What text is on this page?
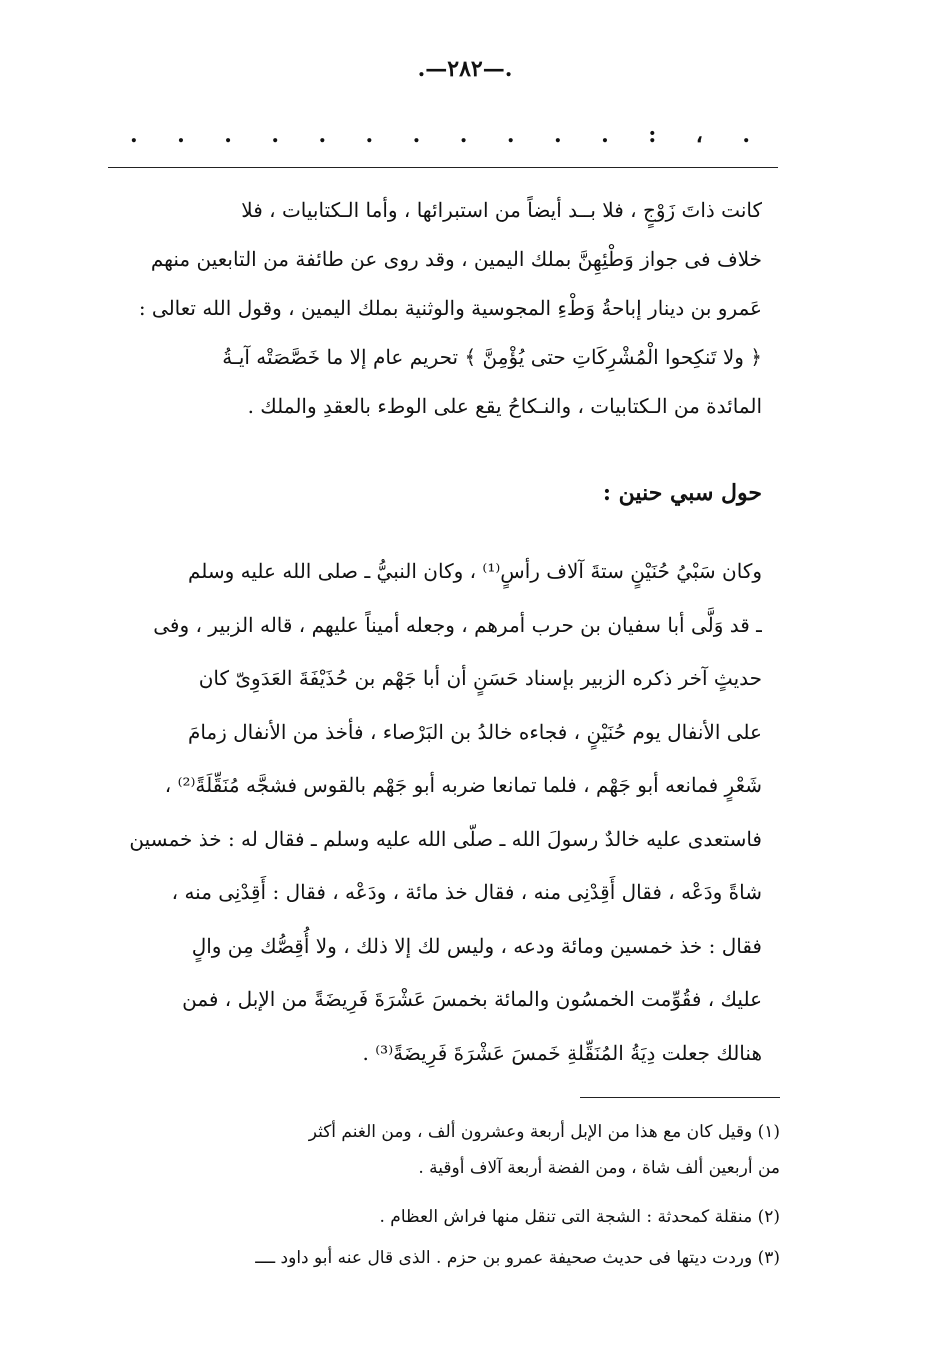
.—٢٨٢—.
. . . . . . . . . . . : ، .
كانت ذاتَ زَوْجٍ ، فلا بــد أيضاً من استبرائها ، وأما الـكتابيات ، فلا
خلاف فى جواز وَطْئِهِنَّ بملك اليمين ، وقد روى عن طائفة من التابعين منهم
عَمرو بن دينار إباحةُ وَطْءِ المجوسية والوثنية بملك اليمين ، وقول الله تعالى :
﴿ ولا تَنكِحوا الْمُشْرِكَاتِ حتى يُؤْمِنَّ ﴾ تحريم عام إلا ما خَصَّصَتْه آيـةُ
المائدة من الـكتابيات ، والنـكاحُ يقع على الوطء بالعقدِ والملك .
حول سبي حنين :
وكان سَبْيُ حُنَيْنٍ ستةَ آلاف رأسٍ⁽¹⁾ ، وكان النبيُّ ـ صلى الله عليه وسلم
ـ قد وَلَّى أبا سفيان بن حرب أمرهم ، وجعله أميناً عليهم ، قاله الزبير ، وفى
حديثٍ آخر ذكره الزبير بإسناد حَسَنٍ أن أبا جَهْم بن حُذَيْفَةَ العَدَوِىّ كان
على الأنفال يوم حُنَيْنٍ ، فجاءه خالدُ بن البَرْصاء ، فأخذ من الأنفال زمامَ
شَعْرٍ فمانعه أبو جَهْم ، فلما تمانعا ضربه أبو جَهْم بالقوس فشجَّه مُنَقِّلَةً⁽²⁾ ،
فاستعدى عليه خالدٌ رسولَ الله ـ صلّى الله عليه وسلم ـ فقال له : خذ خمسين
شاةً ودَعْه ، فقال أَقِدْنِى منه ، فقال خذ مائة ، ودَعْه ، فقال : أَقِدْنِى منه ،
فقال : خذ خمسين ومائة ودعه ، وليس لك إلا ذلك ، ولا أُقِصُّك مِن والٍ
عليك ، فقُوِّمت الخمسُون والمائة بخمسَ عَشْرَةَ فَرِيضَةً من الإبل ، فمن
هنالك جعلت دِيَةُ المُنَقِّلةِ خَمسَ عَشْرَةَ فَرِيضَةً⁽³⁾ .
(١) وقيل كان مع هذا من الإبل أربعة وعشرون ألف ، ومن الغنم أكثر
من أربعين ألف شاة ، ومن الفضة أربعة آلاف أوقية .
(٢) منقلة كمحدثة : الشجة التى تنقل منها فراش العظام .
(٣) وردت ديتها فى حديث صحيفة عمرو بن حزم . الذى قال عنه أبو داود ــــ
